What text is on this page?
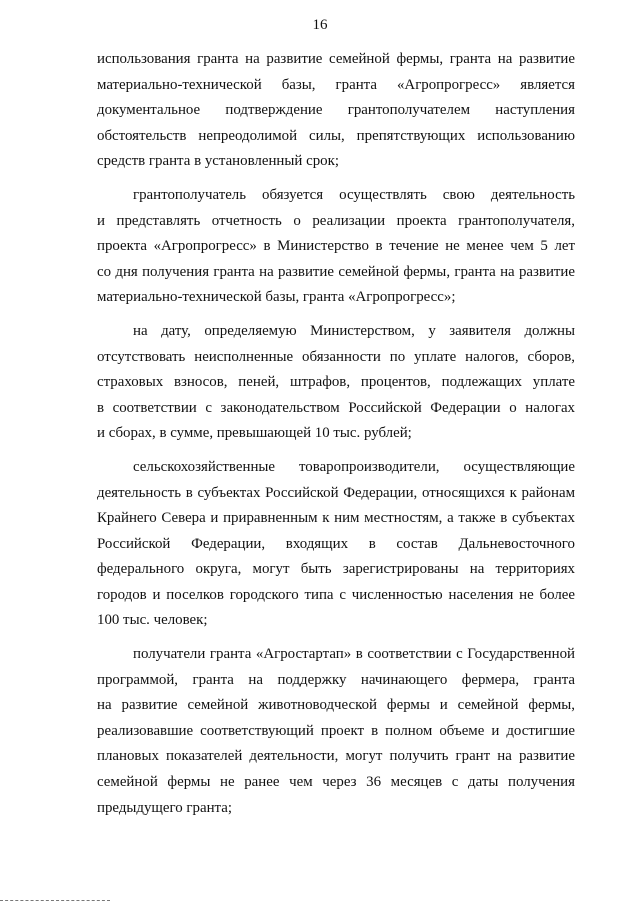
16
использования гранта на развитие семейной фермы, гранта на развитие
материально-технической базы, гранта «Агропрогресс» является
документальное подтверждение грантополучателем наступления
обстоятельств непреодолимой силы, препятствующих использованию
средств гранта в установленный срок;
грантополучатель обязуется осуществлять свою деятельность
и представлять отчетность о реализации проекта грантополучателя,
проекта «Агропрогресс» в Министерство в течение не менее чем 5 лет
со дня получения гранта на развитие семейной фермы, гранта на развитие
материально-технической базы, гранта «Агропрогресс»;
на дату, определяемую Министерством, у заявителя должны
отсутствовать неисполненные обязанности по уплате налогов, сборов,
страховых взносов, пеней, штрафов, процентов, подлежащих уплате
в соответствии с законодательством Российской Федерации о налогах
и сборах, в сумме, превышающей 10 тыс. рублей;
сельскохозяйственные товаропроизводители, осуществляющие
деятельность в субъектах Российской Федерации, относящихся к районам
Крайнего Севера и приравненным к ним местностям, а также в субъектах
Российской Федерации, входящих в состав Дальневосточного
федерального округа, могут быть зарегистрированы на территориях
городов и поселков городского типа с численностью населения не более
100 тыс. человек;
получатели гранта «Агростартап» в соответствии с Государственной
программой, гранта на поддержку начинающего фермера, гранта
на развитие семейной животноводческой фермы и семейной фермы,
реализовавшие соответствующий проект в полном объеме и достигшие
плановых показателей деятельности, могут получить грант на развитие
семейной фермы не ранее чем через 36 месяцев с даты получения
предыдущего гранта;
